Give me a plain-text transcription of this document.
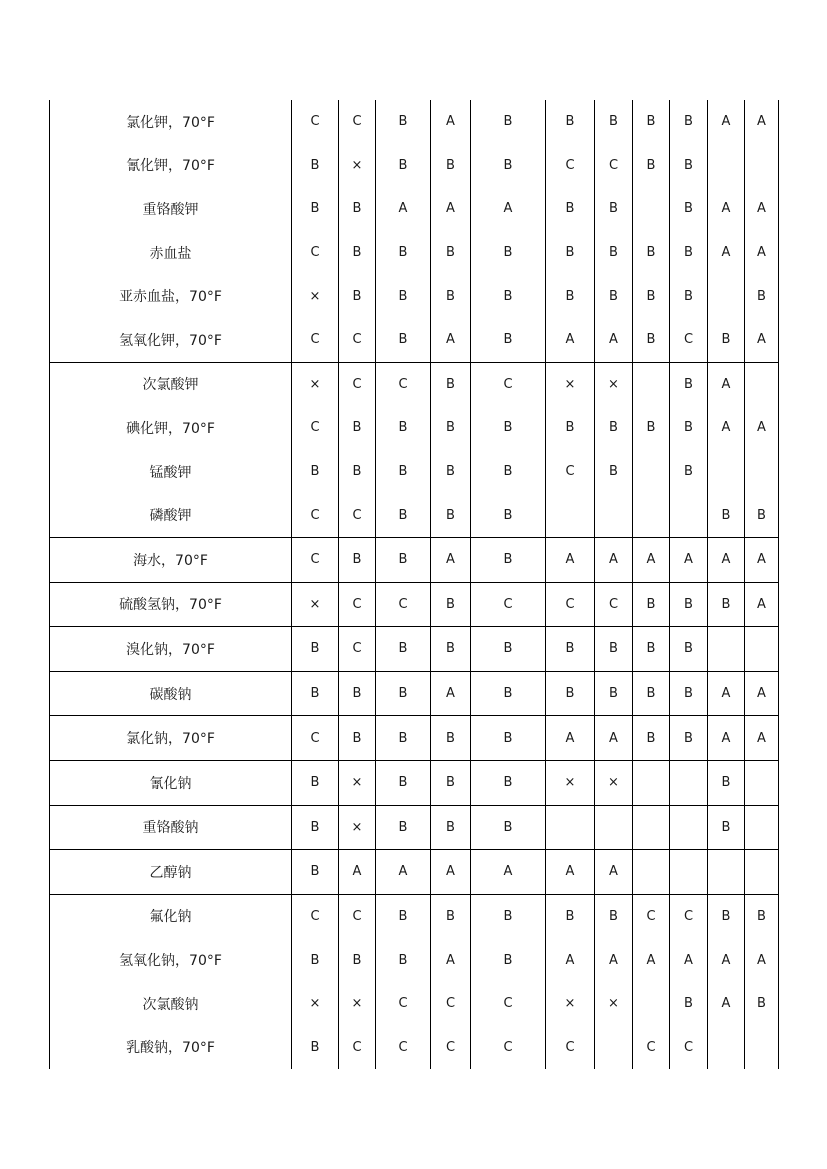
氯化钾，70°F	C	C	B	A	B	B	B	B	B	A	A
氰化钾，70°F	B	×	B	B	B	C	C	B	B		
重铬酸钾	B	B	A	A	A	B	B		B	A	A
赤血盐	C	B	B	B	B	B	B	B	B	A	A
亚赤血盐，70°F	×	B	B	B	B	B	B	B	B		B
氢氧化钾，70°F	C	C	B	A	B	A	A	B	C	B	A
次氯酸钾	×	C	C	B	C	×	×		B	A	
碘化钾，70°F	C	B	B	B	B	B	B	B	B	A	A
锰酸钾	B	B	B	B	B	C	B		B		
磷酸钾	C	C	B	B	B					B	B
海水，70°F	C	B	B	A	B	A	A	A	A	A	A
硫酸氢钠，70°F	×	C	C	B	C	C	C	B	B	B	A
溴化钠，70°F	B	C	B	B	B	B	B	B	B		
碳酸钠	B	B	B	A	B	B	B	B	B	A	A
氯化钠，70°F	C	B	B	B	B	A	A	B	B	A	A
氰化钠	B	×	B	B	B	×	×			B	
重铬酸钠	B	×	B	B	B					B	
乙醇钠	B	A	A	A	A	A	A				
氟化钠	C	C	B	B	B	B	B	C	C	B	B
氢氧化钠，70°F	B	B	B	A	B	A	A	A	A	A	A
次氯酸钠	×	×	C	C	C	×	×		B	A	B
乳酸钠，70°F	B	C	C	C	C	C		C	C		
